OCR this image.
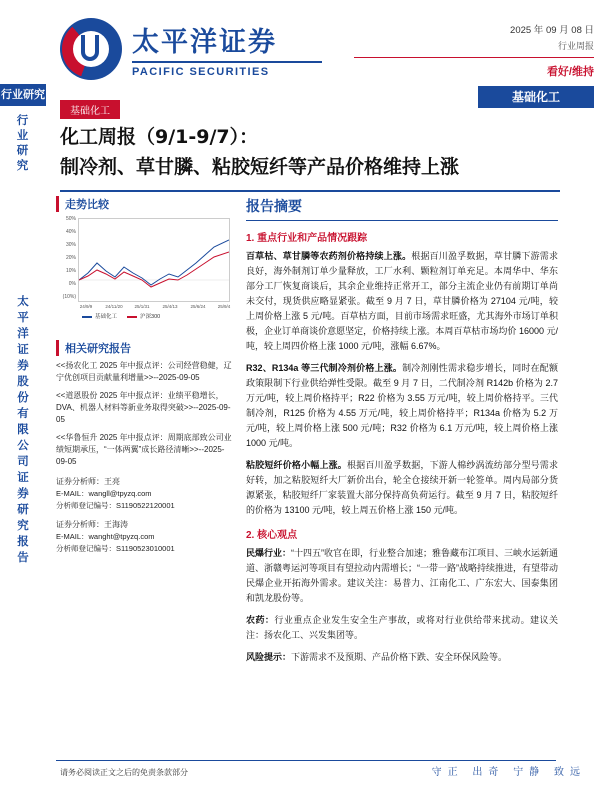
太平洋证券
PACIFIC SECURITIES
2025 年 09 月 08 日
行业周报
看好/维持
基础化工
行业研究
行
业
研
究
太
平
洋
证
券
股
份
有
限
公
司
证
券
研
究
报
告
基础化工
化工周报（9/1-9/7）：
制冷剂、草甘膦、粘胶短纤等产品价格维持上涨
走势比较
50%
40%
30%
20%
10%
0%
(10%)
24/9/9	24/11/20	25/1/31	25/4/13	25/6/24	25/9/4
基础化工	沪深300
相关研究报告
<<扬农化工 2025 年中报点评：公司经营稳健，辽宁优创项目贡献量利增量>>--2025-09-05
<<道恩股份 2025 年中报点评：业绩平稳增长，DVA、机器人材料等新业务取得突破>>--2025-09-05
<<华鲁恒升 2025 年中报点评：周期底部致公司业绩短期承压，“一体两翼”成长路径清晰>>--2025-09-05
证券分析师：王亮
E-MAIL：wangll@tpyzq.com
分析师登记编号：S1190522120001
证券分析师：王海涛
E-MAIL：wanght@tpyzq.com
分析师登记编号：S1190523010001
报告摘要
1. 重点行业和产品情况跟踪
百草枯、草甘膦等农药剂价格持续上涨。根据百川盈孚数据，草甘膦下游需求良好，海外制剂订单少量释放，工厂水利、颗粒剂订单充足。本周华中、华东部分工厂恢复商谈后，其余企业维持正常开工，部分主流企业仍有前期订单尚未交付，现货供应略显紧张。截至 9 月 7 日，草甘膦价格为 27104 元/吨，较上周价格上涨 5 元/吨。百草枯方面，目前市场需求旺盛，尤其海外市场订单积极，企业订单商谈价意愿坚定，价格持续上涨。本周百草枯市场均价 16000 元/吨，较上周四价格上涨 1000 元/吨，涨幅 6.67%。
R32、R134a 等三代制冷剂价格上涨。制冷剂刚性需求稳步增长，同时在配额政策限制下行业供给弹性受限。截至 9 月 7 日，二代制冷剂 R142b 价格为 2.7 万元/吨，较上周价格持平；R22 价格为 3.55 万元/吨，较上周价格持平。三代制冷剂，R125 价格为 4.55 万元/吨，较上周价格持平；R134a 价格为 5.2 万元/吨，较上周价格上涨 500 元/吨；R32 价格为 6.1 万元/吨，较上周价格上涨 1000 元/吨。
粘胶短纤价格小幅上涨。根据百川盈孚数据，下游人棉纱涡流纺部分型号需求好转，加之粘胶短纤大厂新价出台，轮全仓接续开新一轮签单。周内局部分货源紧张，粘胶短纤厂家装置大部分保持高负荷运行。截至 9 月 7 日，粘胶短纤的价格为 13100 元/吨，较上周五价格上涨 150 元/吨。
2. 核心观点
民爆行业：“十四五”收官在即，行业整合加速；雅鲁藏布江项目、三峡水运新通道、浙赣粤运河等项目有望拉动内需增长；“一带一路”战略持续推进，有望带动民爆企业开拓海外需求。建议关注：易普力、江南化工、广东宏大、国泰集团和凯龙股份等。
农药：行业重点企业发生安全生产事故，或将对行业供给带来扰动。建议关注：扬农化工、兴发集团等。
风险提示：下游需求不及预期、产品价格下跌、安全环保风险等。
请务必阅读正文之后的免责条款部分	守正 出奇 宁静 致远
